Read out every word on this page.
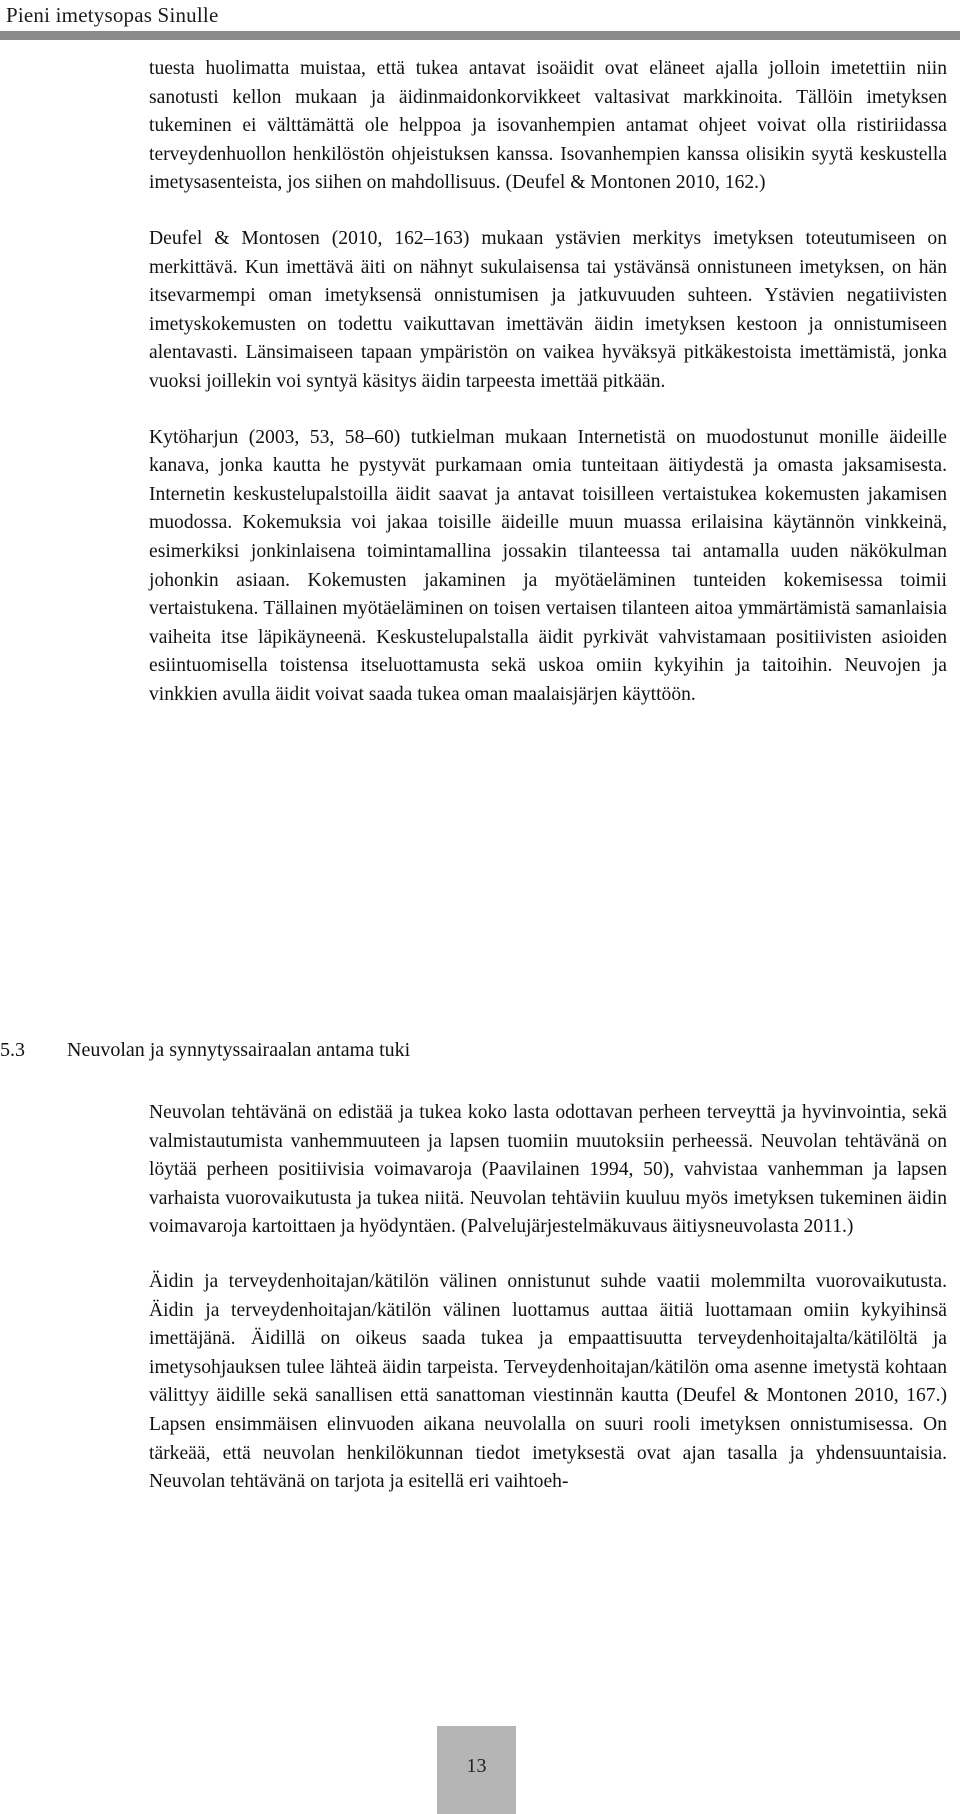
Pieni imetysopas Sinulle

tuesta huolimatta muistaa, että tukea antavat isoäidit ovat eläneet ajalla jolloin imetettiin niin sanotusti kellon mukaan ja äidinmaidonkorvikkeet valtasivat markkinoita. Tällöin imetyksen tukeminen ei välttämättä ole helppoa ja isovanhempien antamat ohjeet voivat olla ristiriidassa terveydenhuollon henkilöstön ohjeistuksen kanssa. Isovanhempien kanssa olisikin syytä keskustella imetysasenteista, jos siihen on mahdollisuus. (Deufel & Montonen 2010, 162.)

Deufel & Montosen (2010, 162–163) mukaan ystävien merkitys imetyksen toteutumiseen on merkittävä. Kun imettävä äiti on nähnyt sukulaisensa tai ystävänsä onnistuneen imetyksen, on hän itsevarmempi oman imetyksensä onnistumisen ja jatkuvuuden suhteen. Ystävien negatiivisten imetyskokemusten on todettu vaikuttavan imettävän äidin imetyksen kestoon ja onnistumiseen alentavasti. Länsimaiseen tapaan ympäristön on vaikea hyväksyä pitkäkestoista imettämistä, jonka vuoksi joillekin voi syntyä käsitys äidin tarpeesta imettää pitkään.

Kytöharjun (2003, 53, 58–60) tutkielman mukaan Internetistä on muodostunut monille äideille kanava, jonka kautta he pystyvät purkamaan omia tunteitaan äitiydestä ja omasta jaksamisesta. Internetin keskustelupalstoilla äidit saavat ja antavat toisilleen vertaistukea kokemusten jakamisen muodossa. Kokemuksia voi jakaa toisille äideille muun muassa erilaisina käytännön vinkkeinä, esimerkiksi jonkinlaisena toimintamallina jossakin tilanteessa tai antamalla uuden näkökulman johonkin asiaan. Kokemusten jakaminen ja myötäeläminen tunteiden kokemisessa toimii vertaistukena. Tällainen myötäeläminen on toisen vertaisen tilanteen aitoa ymmärtämistä samanlaisia vaiheita itse läpikäyneenä. Keskustelupalstalla äidit pyrkivät vahvistamaan positiivisten asioiden esiintuomisella toistensa itseluottamusta sekä uskoa omiin kykyihin ja taitoihin. Neuvojen ja vinkkien avulla äidit voivat saada tukea oman maalaisjärjen käyttöön.

5.3 Neuvolan ja synnytyssairaalan antama tuki

Neuvolan tehtävänä on edistää ja tukea koko lasta odottavan perheen terveyttä ja hyvinvointia, sekä valmistautumista vanhemmuuteen ja lapsen tuomiin muutoksiin perheessä. Neuvolan tehtävänä on löytää perheen positiivisia voimavaroja (Paavilainen 1994, 50), vahvistaa vanhemman ja lapsen varhaista vuorovaikutusta ja tukea niitä. Neuvolan tehtäviin kuuluu myös imetyksen tukeminen äidin voimavaroja kartoittaen ja hyödyntäen. (Palvelujärjestelmäkuvaus äitiysneuvolasta 2011.)

Äidin ja terveydenhoitajan/kätilön välinen onnistunut suhde vaatii molemmilta vuorovaikutusta. Äidin ja terveydenhoitajan/kätilön välinen luottamus auttaa äitiä luottamaan omiin kykyihinsä imettäjänä. Äidillä on oikeus saada tukea ja empaattisuutta terveydenhoitajalta/kätilöltä ja imetysohjauksen tulee lähteä äidin tarpeista. Terveydenhoitajan/kätilön oma asenne imetystä kohtaan välittyy äidille sekä sanallisen että sanattoman viestinnän kautta (Deufel & Montonen 2010, 167.) Lapsen ensimmäisen elinvuoden aikana neuvolalla on suuri rooli imetyksen onnistumisessa. On tärkeää, että neuvolan henkilökunnan tiedot imetyksestä ovat ajan tasalla ja yhdensuuntaisia. Neuvolan tehtävänä on tarjota ja esitellä eri vaihtoeh-

13
